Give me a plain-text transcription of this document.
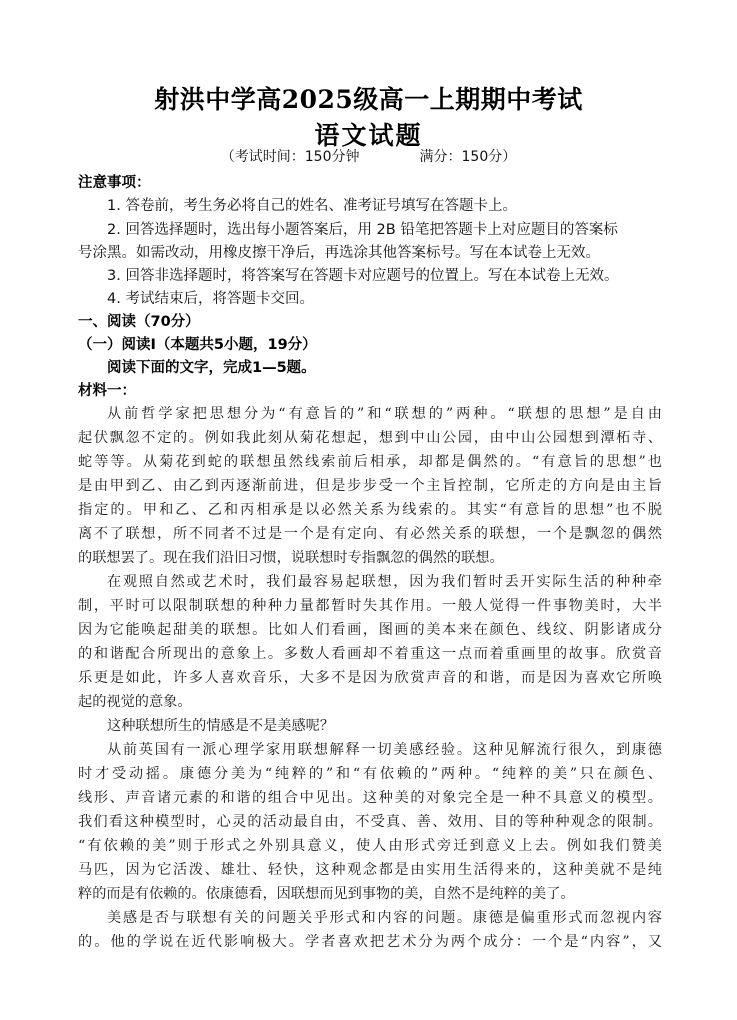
射洪中学高2025级高一上期期中考试
语文试题
（考试时间：150分钟	满分：150分）
注意事项：
1. 答卷前，考生务必将自己的姓名、准考证号填写在答题卡上。
2. 回答选择题时，选出每小题答案后，用 2B 铅笔把答题卡上对应题目的答案标
号涂黑。如需改动，用橡皮擦干净后，再选涂其他答案标号。写在本试卷上无效。
3. 回答非选择题时，将答案写在答题卡对应题号的位置上。写在本试卷上无效。
4. 考试结束后，将答题卡交回。
一、阅读（70分）
（一）阅读Ⅰ（本题共5小题，19分）
阅读下面的文字，完成1—5题。
材料一：
从前哲学家把思想分为“有意旨的”和“联想的”两种。“联想的思想”是自由
起伏飘忽不定的。例如我此刻从菊花想起，想到中山公园，由中山公园想到潭柘寺、
蛇等等。从菊花到蛇的联想虽然线索前后相承，却都是偶然的。“有意旨的思想”也
是由甲到乙、由乙到丙逐渐前进，但是步步受一个主旨控制，它所走的方向是由主旨
指定的。甲和乙、乙和丙相承是以必然关系为线索的。其实“有意旨的思想”也不脱
离不了联想，所不同者不过是一个是有定向、有必然关系的联想，一个是飘忽的偶然
的联想罢了。现在我们沿旧习惯，说联想时专指飘忽的偶然的联想。
在观照自然或艺术时，我们最容易起联想，因为我们暂时丢开实际生活的种种牵
制，平时可以限制联想的种种力量都暂时失其作用。一般人觉得一件事物美时，大半
因为它能唤起甜美的联想。比如人们看画，图画的美本来在颜色、线纹、阴影诸成分
的和谐配合所现出的意象上。多数人看画却不着重这一点而着重画里的故事。欣赏音
乐更是如此，许多人喜欢音乐，大多不是因为欣赏声音的和谐，而是因为喜欢它所唤
起的视觉的意象。
这种联想所生的情感是不是美感呢？
从前英国有一派心理学家用联想解释一切美感经验。这种见解流行很久，到康德
时才受动摇。康德分美为“纯粹的”和“有依赖的”两种。“纯粹的美”只在颜色、
线形、声音诸元素的和谐的组合中见出。这种美的对象完全是一种不具意义的模型。
我们看这种模型时，心灵的活动最自由，不受真、善、效用、目的等种种观念的限制。
“有依赖的美”则于形式之外别具意义，使人由形式旁迁到意义上去。例如我们赞美
马匹，因为它活泼、雄壮、轻快，这种观念都是由实用生活得来的，这种美就不是纯
粹的而是有依赖的。依康德看，因联想而见到事物的美，自然不是纯粹的美了。
美感是否与联想有关的问题关乎形式和内容的问题。康德是偏重形式而忽视内容
的。他的学说在近代影响极大。学者喜欢把艺术分为两个成分：一个是“内容”，又
